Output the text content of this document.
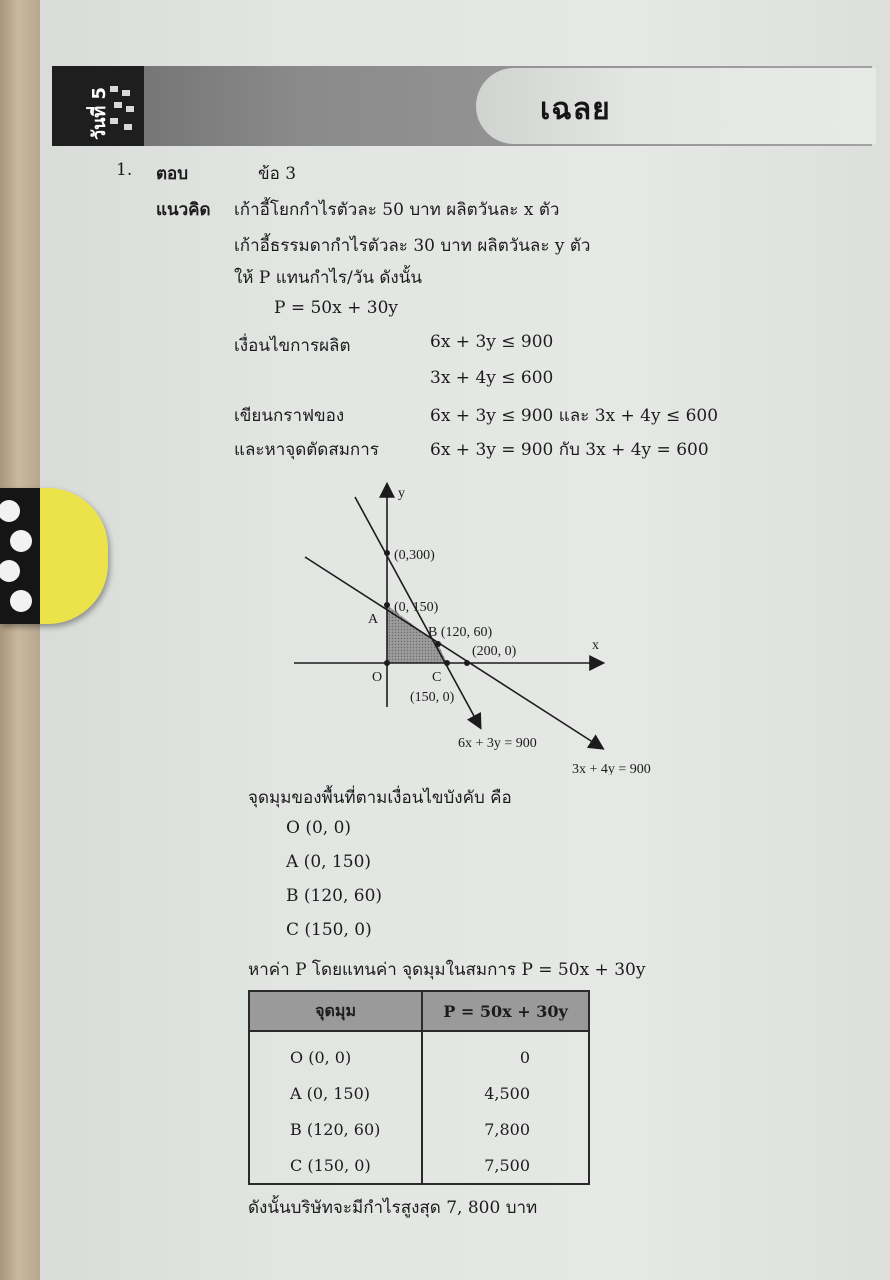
วันที่ 5	เฉลย
1. ตอบ	ข้อ 3
แนวคิด เก้าอี้โยกกำไรตัวละ 50 บาท ผลิตวันละ x ตัว
เก้าอี้ธรรมดากำไรตัวละ 30 บาท ผลิตวันละ y ตัว
ให้ P แทนกำไร/วัน ดังนั้น
P = 50x + 30y
เงื่อนไขการผลิต	6x + 3y ≤ 900
3x + 4y ≤ 600
เขียนกราฟของ	6x + 3y ≤ 900 และ 3x + 4y ≤ 600
และหาจุดตัดสมการ	6x + 3y = 900 กับ 3x + 4y = 600
y
x
(0,300)
(0, 150)
A
B (120, 60)
(200, 0)
O	C
(150, 0)
6x + 3y = 900
3x + 4y = 900
จุดมุมของพื้นที่ตามเงื่อนไขบังคับ คือ
O (0, 0)
A (0, 150)
B (120, 60)
C (150, 0)
หาค่า P โดยแทนค่า จุดมุมในสมการ P = 50x + 30y
จุดมุม	P = 50x + 30y
O (0, 0)	0
A (0, 150)	4,500
B (120, 60)	7,800
C (150, 0)	7,500
ดังนั้นบริษัทจะมีกำไรสูงสุด 7, 800 บาท
